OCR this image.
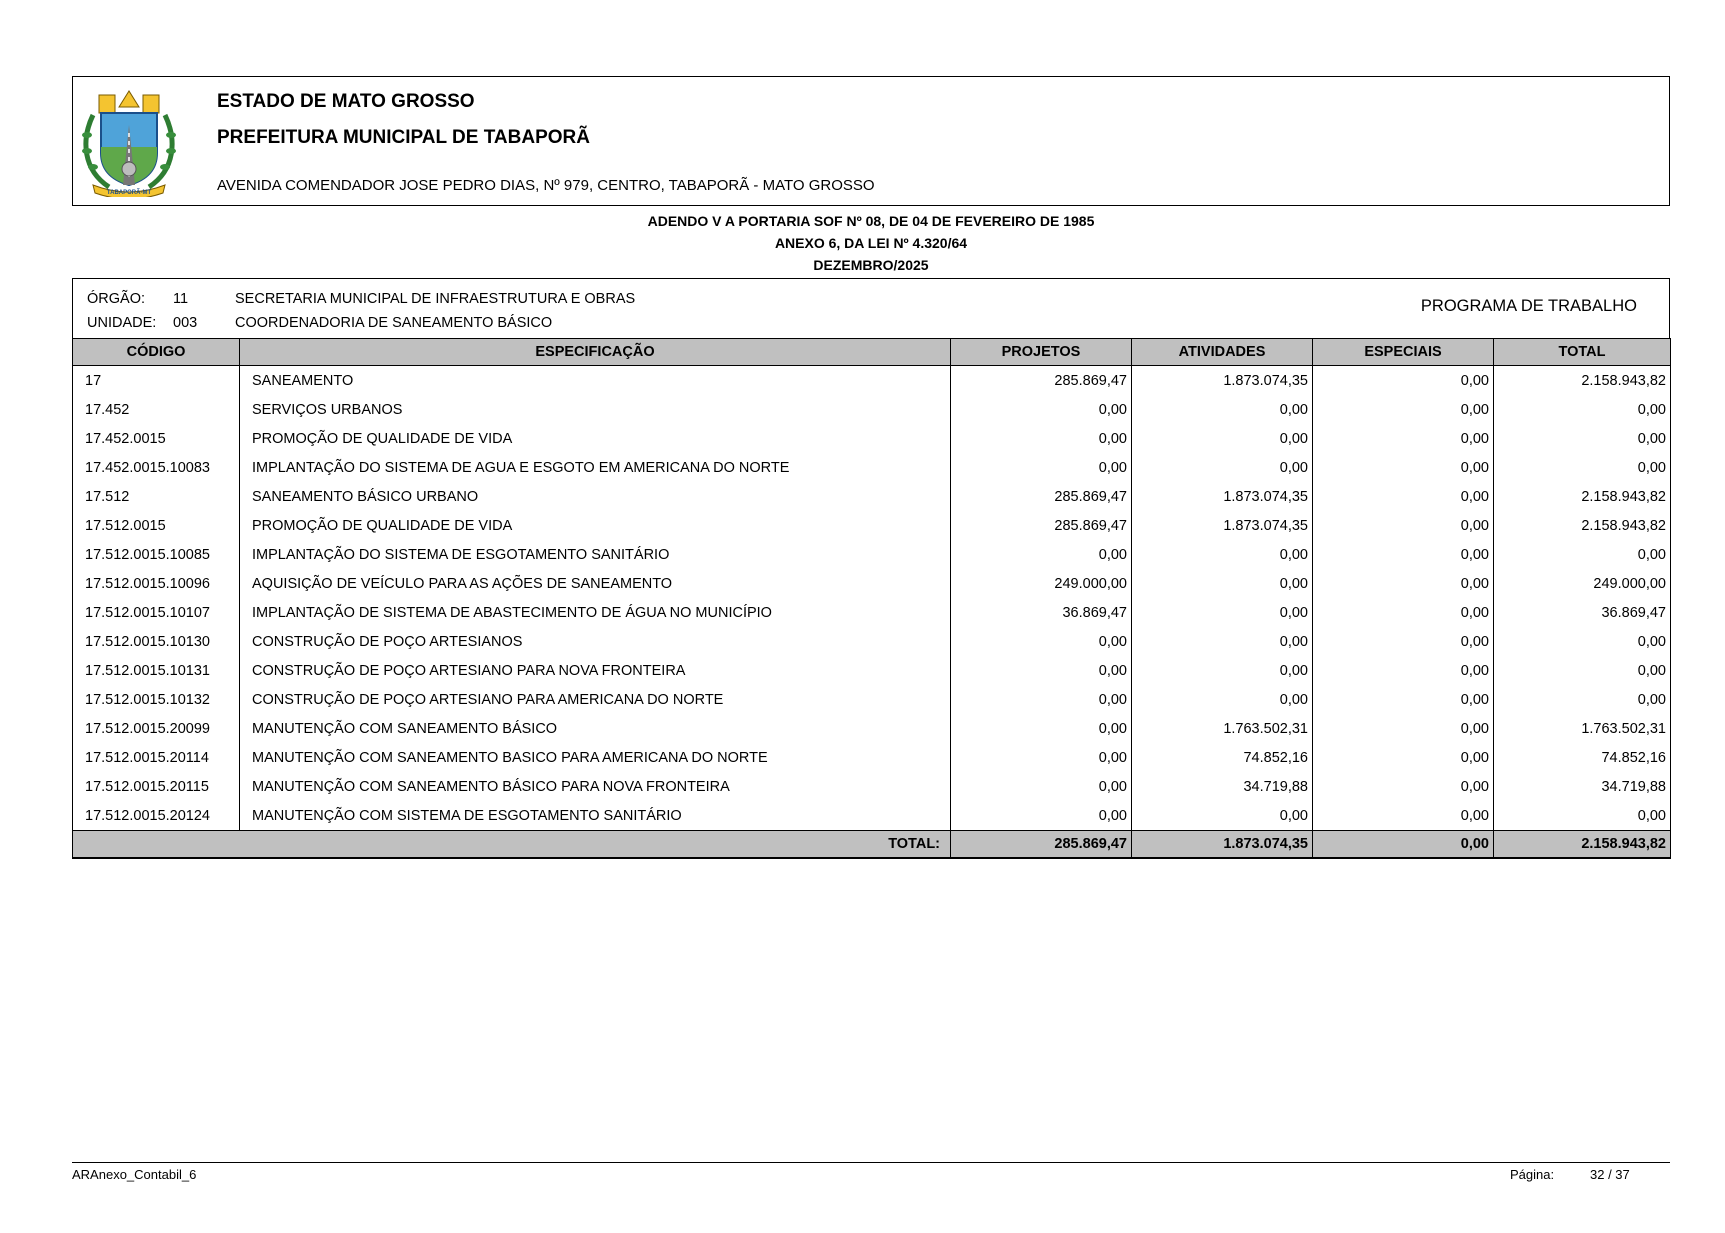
TABAPORÃ-MT
ESTADO DE MATO GROSSO
PREFEITURA MUNICIPAL DE TABAPORÃ
AVENIDA COMENDADOR JOSE PEDRO DIAS, Nº 979, CENTRO, TABAPORÃ - MATO GROSSO
ADENDO V A PORTARIA SOF Nº 08, DE 04 DE FEVEREIRO DE 1985
ANEXO 6, DA LEI Nº 4.320/64
DEZEMBRO/2025
ÓRGÃO: 11	SECRETARIA MUNICIPAL DE INFRAESTRUTURA E OBRAS
UNIDADE: 003	COORDENADORIA DE SANEAMENTO BÁSICO
PROGRAMA DE TRABALHO
CÓDIGO	ESPECIFICAÇÃO	PROJETOS	ATIVIDADES	ESPECIAIS	TOTAL
17	SANEAMENTO	285.869,47	1.873.074,35	0,00	2.158.943,82
17.452	SERVIÇOS URBANOS	0,00	0,00	0,00	0,00
17.452.0015	PROMOÇÃO DE QUALIDADE DE VIDA	0,00	0,00	0,00	0,00
17.452.0015.10083	IMPLANTAÇÃO DO SISTEMA DE AGUA E ESGOTO EM AMERICANA DO NORTE	0,00	0,00	0,00	0,00
17.512	SANEAMENTO BÁSICO URBANO	285.869,47	1.873.074,35	0,00	2.158.943,82
17.512.0015	PROMOÇÃO DE QUALIDADE DE VIDA	285.869,47	1.873.074,35	0,00	2.158.943,82
17.512.0015.10085	IMPLANTAÇÃO DO SISTEMA DE ESGOTAMENTO SANITÁRIO	0,00	0,00	0,00	0,00
17.512.0015.10096	AQUISIÇÃO DE VEÍCULO PARA AS AÇÕES DE SANEAMENTO	249.000,00	0,00	0,00	249.000,00
17.512.0015.10107	IMPLANTAÇÃO DE SISTEMA DE ABASTECIMENTO DE ÁGUA NO MUNICÍPIO	36.869,47	0,00	0,00	36.869,47
17.512.0015.10130	CONSTRUÇÃO DE POÇO ARTESIANOS	0,00	0,00	0,00	0,00
17.512.0015.10131	CONSTRUÇÃO DE POÇO ARTESIANO PARA NOVA FRONTEIRA	0,00	0,00	0,00	0,00
17.512.0015.10132	CONSTRUÇÃO DE POÇO ARTESIANO PARA AMERICANA DO NORTE	0,00	0,00	0,00	0,00
17.512.0015.20099	MANUTENÇÃO COM SANEAMENTO BÁSICO	0,00	1.763.502,31	0,00	1.763.502,31
17.512.0015.20114	MANUTENÇÃO COM SANEAMENTO BASICO PARA AMERICANA DO NORTE	0,00	74.852,16	0,00	74.852,16
17.512.0015.20115	MANUTENÇÃO COM SANEAMENTO BÁSICO PARA NOVA FRONTEIRA	0,00	34.719,88	0,00	34.719,88
17.512.0015.20124	MANUTENÇÃO COM SISTEMA DE ESGOTAMENTO SANITÁRIO	0,00	0,00	0,00	0,00
TOTAL:		285.869,47	1.873.074,35	0,00	2.158.943,82
ARAnexo_Contabil_6	Página:	32 / 37
